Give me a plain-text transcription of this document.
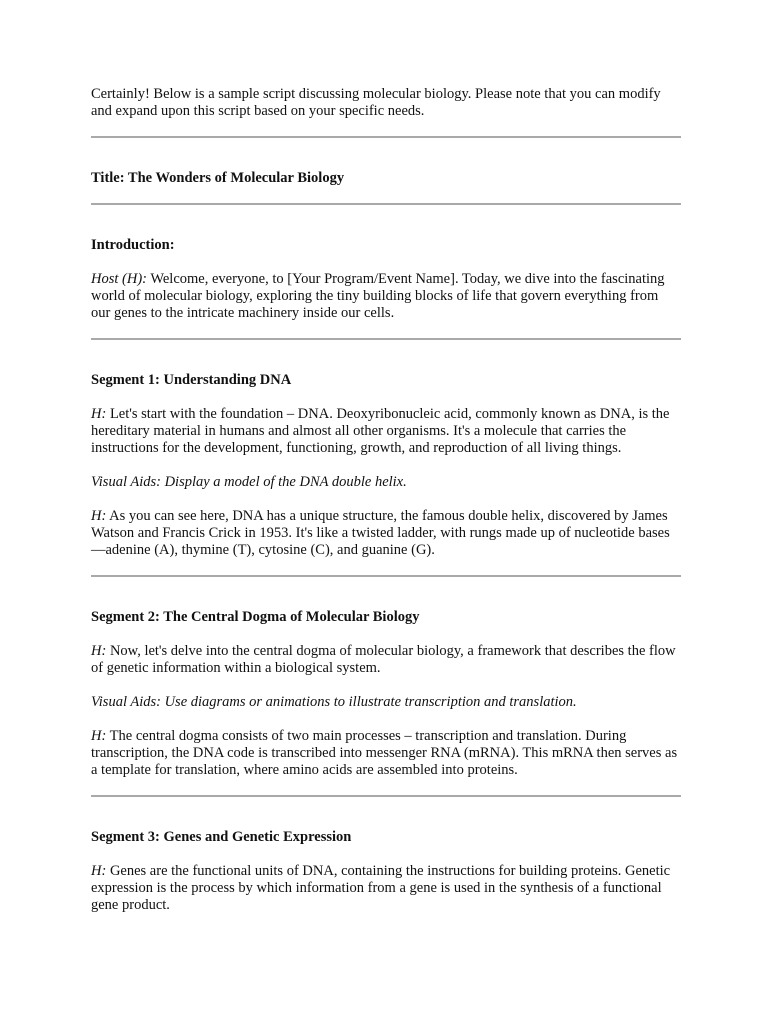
Certainly! Below is a sample script discussing molecular biology. Please note that you can modify and expand upon this script based on your specific needs.

Title: The Wonders of Molecular Biology

Introduction:

Host (H): Welcome, everyone, to [Your Program/Event Name]. Today, we dive into the fascinating world of molecular biology, exploring the tiny building blocks of life that govern everything from our genes to the intricate machinery inside our cells.

Segment 1: Understanding DNA

H: Let's start with the foundation – DNA. Deoxyribonucleic acid, commonly known as DNA, is the hereditary material in humans and almost all other organisms. It's a molecule that carries the instructions for the development, functioning, growth, and reproduction of all living things.

Visual Aids: Display a model of the DNA double helix.

H: As you can see here, DNA has a unique structure, the famous double helix, discovered by James Watson and Francis Crick in 1953. It's like a twisted ladder, with rungs made up of nucleotide bases—adenine (A), thymine (T), cytosine (C), and guanine (G).

Segment 2: The Central Dogma of Molecular Biology

H: Now, let's delve into the central dogma of molecular biology, a framework that describes the flow of genetic information within a biological system.

Visual Aids: Use diagrams or animations to illustrate transcription and translation.

H: The central dogma consists of two main processes – transcription and translation. During transcription, the DNA code is transcribed into messenger RNA (mRNA). This mRNA then serves as a template for translation, where amino acids are assembled into proteins.

Segment 3: Genes and Genetic Expression

H: Genes are the functional units of DNA, containing the instructions for building proteins. Genetic expression is the process by which information from a gene is used in the synthesis of a functional gene product.
